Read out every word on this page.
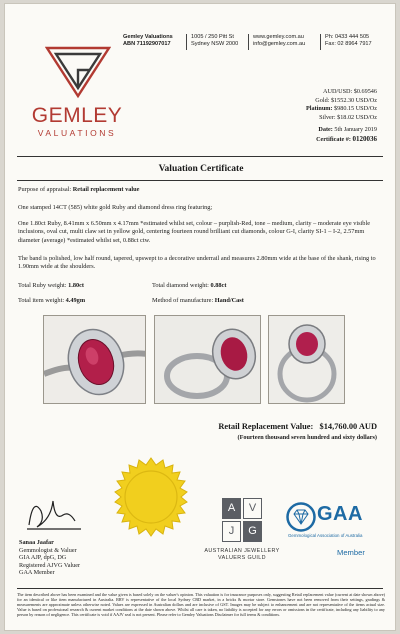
GEMLEY
VALUATIONS
Gemley Valuations
ABN 71192907017
1005 / 250 Pitt St
Sydney NSW 2000
www.gemley.com.au
info@gemley.com.au
Ph: 0433 444 505
Fax: 02 8964 7917
AUD/USD: $0.69546
Gold: $1552.30 USD/Oz
Platinum: $980.15 USD/Oz
Silver: $18.02 USD/Oz
Date: 5th January 2019
Certificate #: 0120036
Valuation Certificate
Purpose of appraisal: Retail replacement value
One stamped 14CT (585) white gold Ruby and diamond dress ring featuring;
One 1.80ct Ruby, 8.41mm x 6.50mm x 4.17mm *estimated whilst set, colour – purplish-Red, tone – medium, clarity – moderate eye visible inclusions, oval cut, multi claw set in yellow gold, centering fourteen round brilliant cut diamonds, colour G-I, clarity SI-1 – I-2, 2.57mm diameter (average) *estimated whilst set, 0.88ct ctw.
The band is polished, low half round, tapered, upswept to a decorative underrail and measures 2.80mm wide at the base of the shank, rising to 1.90mm wide at the shoulders.
Total Ruby weight: 1.80ct	Total diamond weight: 0.88ct
Total item weight: 4.49gm	Method of manufacture: Hand/Cast
Retail Replacement Value: $14,760.00 AUD
(Fourteen thousand seven hundred and sixty dollars)
Sanaa Jaafar
Gemmologist & Valuer
GIA AJP, dpG, DG
Registered AJVG Valuer
GAA Member
A	V
J	G
AUSTRALIAN JEWELLERY
VALUERS GUILD
GAA
Gemmological Association of Australia
Member
The item described above has been examined and the value given is based solely on the valuer's opinion. This valuation is for insurance purposes only, suggesting Retail replacement value (current at date shown above) for an identical or like item manufactured in Australia. RRV is representative of the local Sydney CBD market, in a bricks & mortar store. Gemstones have not been removed from their settings, gradings & measurements are approximate unless otherwise noted. Values are expressed in Australian dollars and are inclusive of GST. Images may be subject to enhancement and are not representative of the items actual size. Value is based on professional research & current market conditions at the date shown above. Whilst all care is taken, no liability is accepted for any errors or omissions in the certificate, including any liability to any person by reason of negligence. This certificate is void if AAJV seal is not present. Please refer to Gemley Valuations Disclaimer for full terms & conditions.
